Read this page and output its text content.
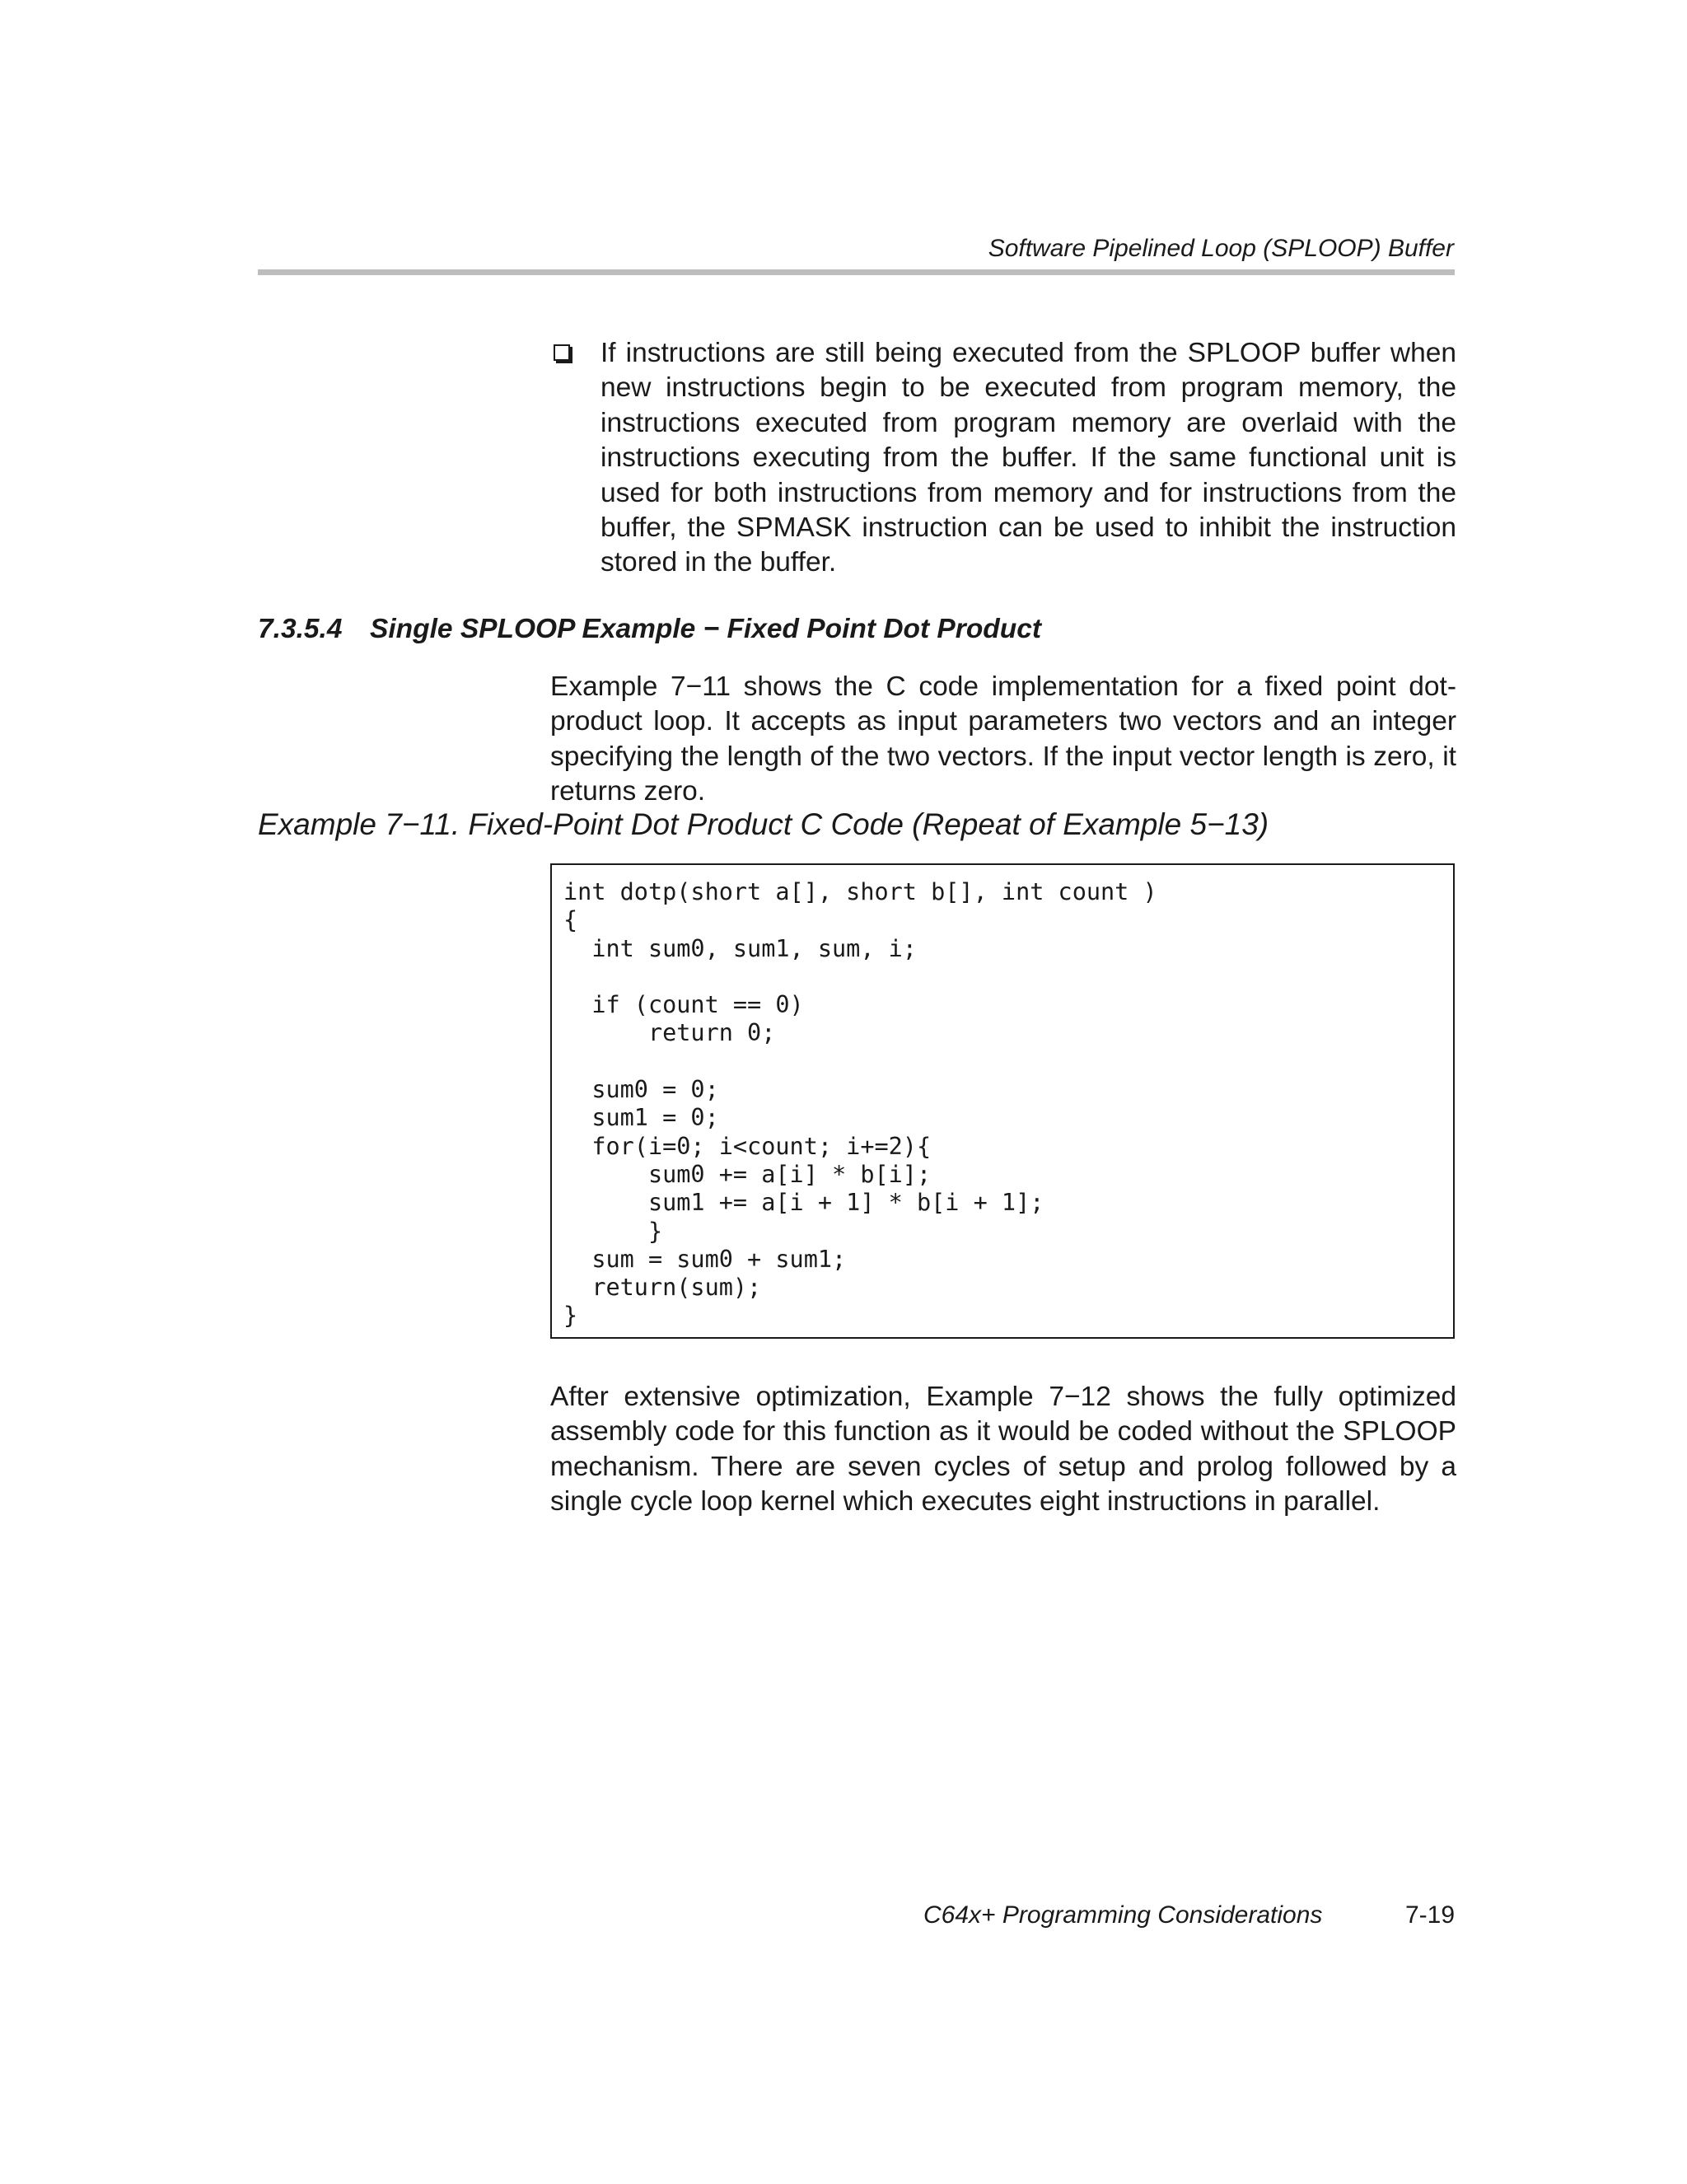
Software Pipelined Loop (SPLOOP) Buffer
If instructions are still being executed from the SPLOOP buffer when new instructions begin to be executed from program memory, the instructions executed from program memory are overlaid with the instructions executing from the buffer. If the same functional unit is used for both instructions from memory and for instructions from the buffer, the SPMASK instruction can be used to inhibit the instruction stored in the buffer.
7.3.5.4 Single SPLOOP Example − Fixed Point Dot Product

Example 7−11 shows the C code implementation for a fixed point dot-product loop. It accepts as input parameters two vectors and an integer specifying the length of the two vectors. If the input vector length is zero, it returns zero.

Example 7−11. Fixed-Point Dot Product C Code (Repeat of Example 5−13)
int dotp(short a[], short b[], int count )
{
int sum0, sum1, sum, i;

if (count == 0)
return 0;

sum0 = 0;
sum1 = 0;
for(i=0; i<count; i+=2){
sum0 += a[i] * b[i];
sum1 += a[i + 1] * b[i + 1];
}
sum = sum0 + sum1;
return(sum);
}

After extensive optimization, Example 7−12 shows the fully optimized assembly code for this function as it would be coded without the SPLOOP mechanism. There are seven cycles of setup and prolog followed by a single cycle loop kernel which executes eight instructions in parallel.

C64x+ Programming Considerations	7-19
